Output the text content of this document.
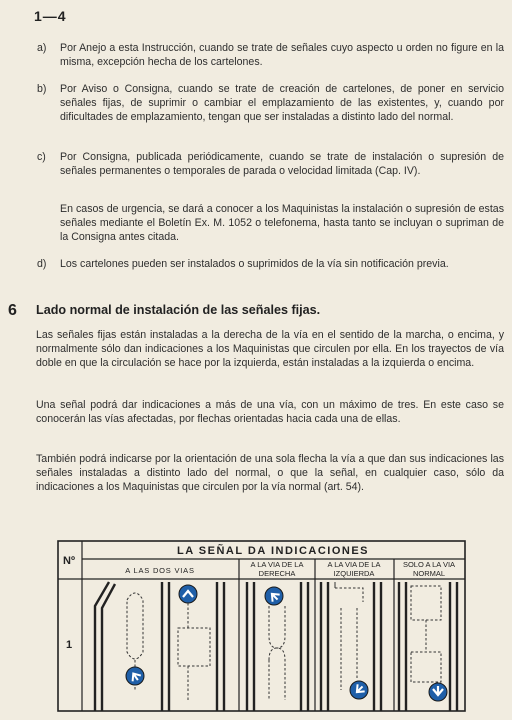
1—4
a) Por Anejo a esta Instrucción, cuando se trate de señales cuyo aspecto u orden no figure en la misma, excepción hecha de los cartelones.
b) Por Aviso o Consigna, cuando se trate de creación de cartelones, de poner en servicio señales fijas, de suprimir o cambiar el emplazamiento de las existentes, y, cuando por dificultades de emplazamiento, tengan que ser instaladas a distinto lado del normal.
c) Por Consigna, publicada periódicamente, cuando se trate de instalación o supresión de señales permanentes o temporales de parada o velocidad limitada (Cap. IV).
En casos de urgencia, se dará a conocer a los Maquinistas la instalación o supresión de estas señales mediante el Boletín Ex. M. 1052 o telefonema, hasta tanto se incluyan o supriman de la Consigna antes citada.
d) Los cartelones pueden ser instalados o suprimidos de la vía sin notificación previa.
6 Lado normal de instalación de las señales fijas.
Las señales fijas están instaladas a la derecha de la vía en el sentido de la marcha, o encima, y normalmente sólo dan indicaciones a los Maquinistas que circulen por ella. En los trayectos de vía doble en que la circulación se hace por la izquierda, están instaladas a la izquierda o encima.
Una señal podrá dar indicaciones a más de una vía, con un máximo de tres. En este caso se conocerán las vías afectadas, por flechas orientadas hacia cada una de ellas.
También podrá indicarse por la orientación de una sola flecha la vía a que dan sus indicaciones las señales instaladas a distinto lado del normal, o que la señal, en cualquier caso, sólo da indicaciones a los Maquinistas que circulen por la vía normal (art. 54).
Nº
LA SEÑAL DA INDICACIONES
A LAS DOS VIAS
A LA VIA DE LA
DERECHA
A LA VIA DE LA
IZQUIERDA
SOLO A LA VIA
NORMAL
1
